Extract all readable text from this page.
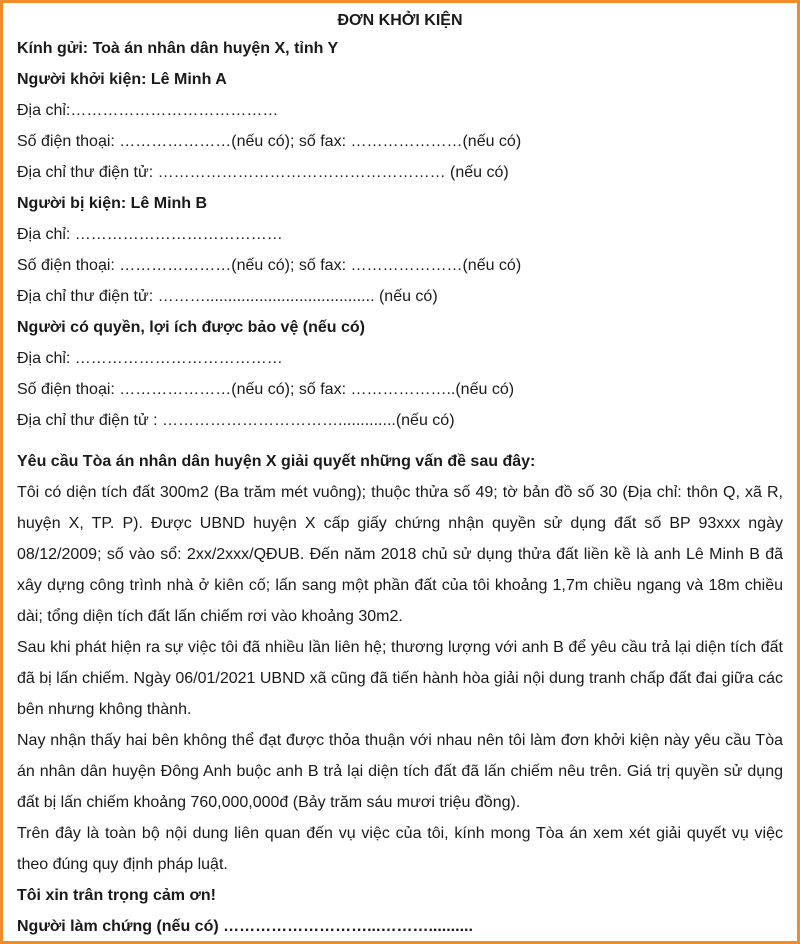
ĐƠN KHỞI KIỆN
Kính gửi: Toà án nhân dân huyện X, tỉnh Y
Người khởi kiện: Lê Minh A
Địa chỉ:…………………………………
Số điện thoại: …………………(nếu có); số fax: …………………(nếu có)
Địa chỉ thư điện tử: ……………………………………………… (nếu có)
Người bị kiện: Lê Minh B
Địa chỉ: …………………………………
Số điện thoại: …………………(nếu có); số fax: …………………(nếu có)
Địa chỉ thư điện tử: ………...................................... (nếu có)
Người có quyền, lợi ích được bảo vệ (nếu có)
Địa chỉ: …………………………………
Số điện thoại: …………………(nếu có); số fax: ………………..(nếu có)
Địa chỉ thư điện tử : …………………………….............(nếu có)
Yêu cầu Tòa án nhân dân huyện X giải quyết những vấn đề sau đây:

Tôi có diện tích đất 300m2 (Ba trăm mét vuông); thuộc thửa số 49; tờ bản đồ số 30 (Địa chỉ: thôn Q, xã R, huyện X, TP. P). Được UBND huyện X cấp giấy chứng nhận quyền sử dụng đất số BP 93xxx ngày 08/12/2009; số vào sổ: 2xx/2xxx/QĐUB. Đến năm 2018 chủ sử dụng thửa đất liền kề là anh Lê Minh B đã xây dựng công trình nhà ở kiên cố; lấn sang một phần đất của tôi khoảng 1,7m chiều ngang và 18m chiều dài; tổng diện tích đất lấn chiếm rơi vào khoảng 30m2.

Sau khi phát hiện ra sự việc tôi đã nhiều lần liên hệ; thương lượng với anh B để yêu cầu trả lại diện tích đất đã bị lấn chiếm. Ngày 06/01/2021 UBND xã cũng đã tiến hành hòa giải nội dung tranh chấp đất đai giữa các bên nhưng không thành.

Nay nhận thấy hai bên không thể đạt được thỏa thuận với nhau nên tôi làm đơn khởi kiện này yêu cầu Tòa án nhân dân huyện Đông Anh buộc anh B trả lại diện tích đất đã lấn chiếm nêu trên. Giá trị quyền sử dụng đất bị lấn chiếm khoảng 760,000,000đ (Bảy trăm sáu mươi triệu đồng).

Trên đây là toàn bộ nội dung liên quan đến vụ việc của tôi, kính mong Tòa án xem xét giải quyết vụ việc theo đúng quy định pháp luật.

Tôi xin trân trọng cảm ơn!
Người làm chứng (nếu có) ………………………...………..........
